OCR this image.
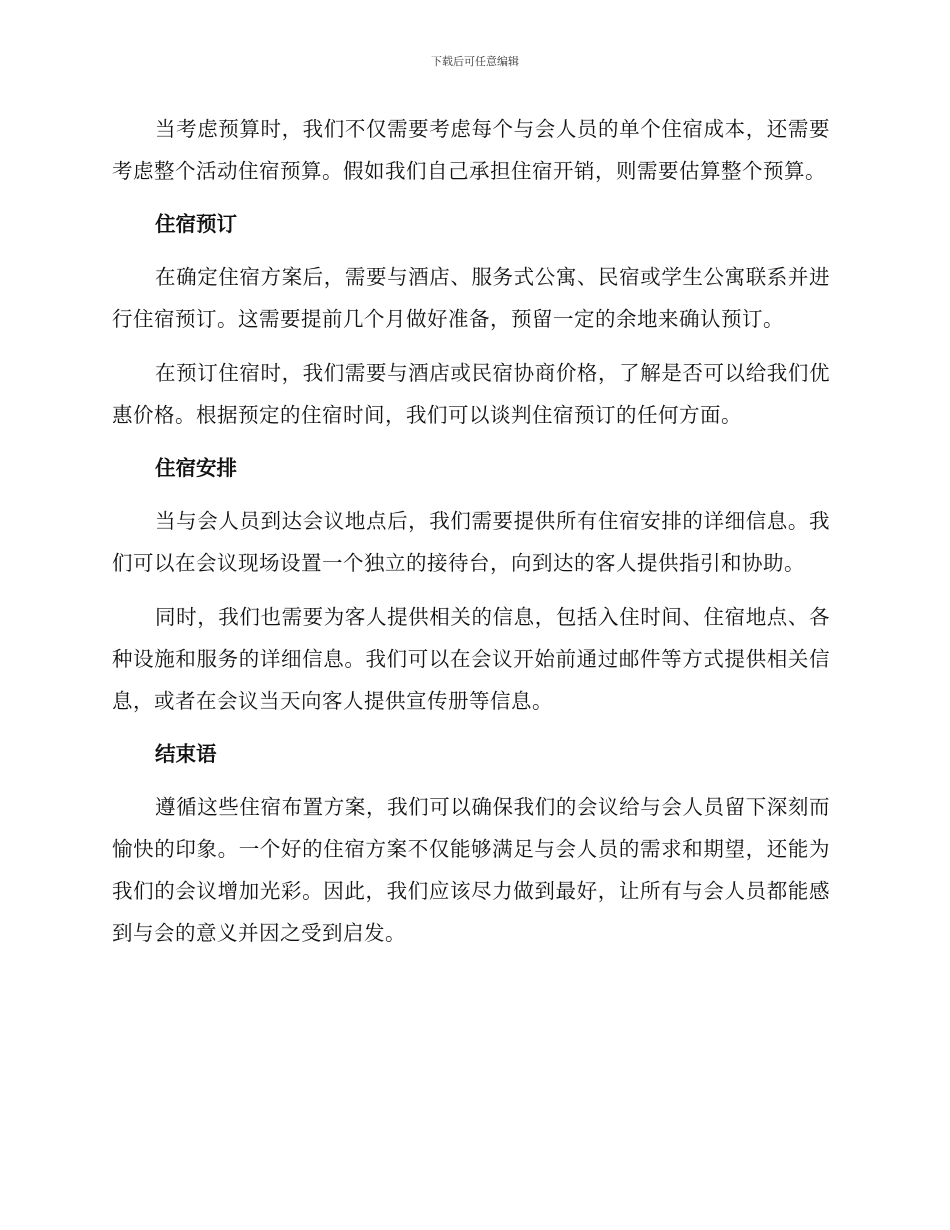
下载后可任意编辑

当考虑预算时，我们不仅需要考虑每个与会人员的单个住宿成本，还需要考虑整个活动住宿预算。假如我们自己承担住宿开销，则需要估算整个预算。

住宿预订

在确定住宿方案后，需要与酒店、服务式公寓、民宿或学生公寓联系并进行住宿预订。这需要提前几个月做好准备，预留一定的余地来确认预订。

在预订住宿时，我们需要与酒店或民宿协商价格，了解是否可以给我们优惠价格。根据预定的住宿时间，我们可以谈判住宿预订的任何方面。

住宿安排

当与会人员到达会议地点后，我们需要提供所有住宿安排的详细信息。我们可以在会议现场设置一个独立的接待台，向到达的客人提供指引和协助。

同时，我们也需要为客人提供相关的信息，包括入住时间、住宿地点、各种设施和服务的详细信息。我们可以在会议开始前通过邮件等方式提供相关信息，或者在会议当天向客人提供宣传册等信息。

结束语

遵循这些住宿布置方案，我们可以确保我们的会议给与会人员留下深刻而愉快的印象。一个好的住宿方案不仅能够满足与会人员的需求和期望，还能为我们的会议增加光彩。因此，我们应该尽力做到最好，让所有与会人员都能感到与会的意义并因之受到启发。
